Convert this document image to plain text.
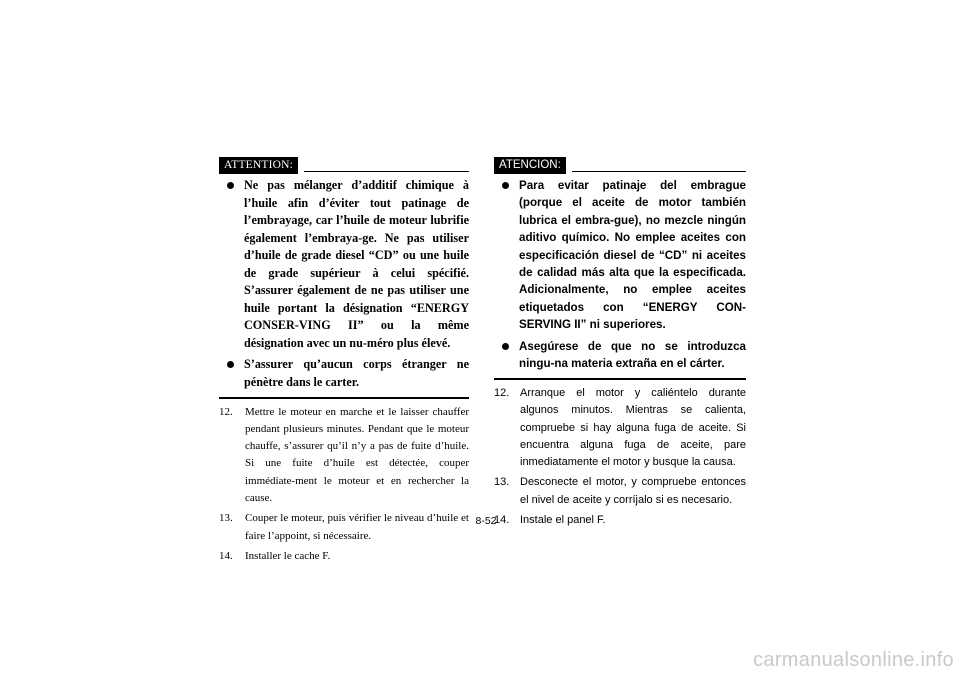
ATTENTION:
Ne pas mélanger d’additif chimique à l’huile afin d’éviter tout patinage de l’embrayage, car l’huile de moteur lubrifie également l’embraya-ge. Ne pas utiliser d’huile de grade diesel “CD” ou une huile de grade supérieur à celui spécifié. S’assurer également de ne pas utiliser une huile portant la désignation “ENERGY CONSER-VING II” ou la même désignation avec un nu-méro plus élevé.
S’assurer qu’aucun corps étranger ne pénètre dans le carter.
12. Mettre le moteur en marche et le laisser chauffer pendant plusieurs minutes. Pendant que le moteur chauffe, s’assurer qu’il n’y a pas de fuite d’huile. Si une fuite d’huile est détectée, couper immédiate-ment le moteur et en rechercher la cause.
13. Couper le moteur, puis vérifier le niveau d’huile et faire l’appoint, si nécessaire.
14. Installer le cache F.
ATENCION:
Para evitar patinaje del embrague (porque el aceite de motor también lubrica el embra-gue), no mezcle ningún aditivo químico. No emplee aceites con especificación diesel de “CD” ni aceites de calidad más alta que la especificada. Adicionalmente, no emplee aceites etiquetados con “ENERGY CON-SERVING II” ni superiores.
Asegúrese de que no se introduzca ningu-na materia extraña en el cárter.
12. Arranque el motor y caliéntelo durante algunos minutos. Mientras se calienta, compruebe si hay alguna fuga de aceite. Si encuentra alguna fuga de aceite, pare inmediatamente el motor y busque la causa.
13. Desconecte el motor, y compruebe entonces el nivel de aceite y corríjalo si es necesario.
14. Instale el panel F.
8-52
carmanualsonline.info
